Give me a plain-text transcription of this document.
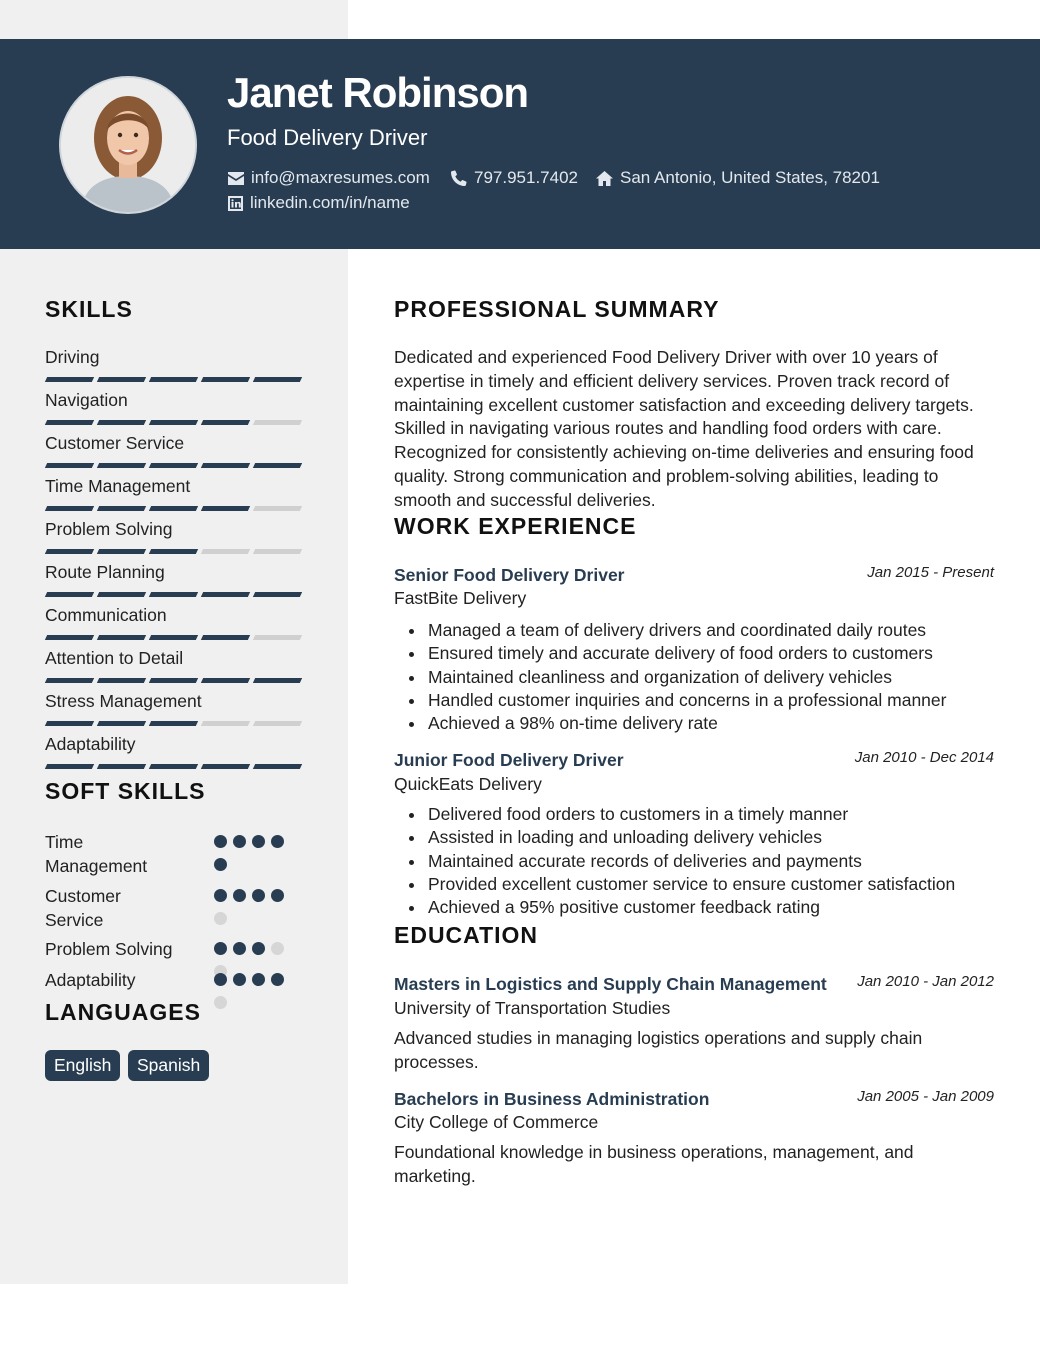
Janet Robinson
Food Delivery Driver
info@maxresumes.com	797.951.7402 San Antonio, United States, 78201
linkedin.com/in/name
SKILLS
Driving
Navigation
Customer Service
Time Management
Problem Solving
Route Planning
Communication
Attention to Detail
Stress Management
Adaptability
SOFT SKILLS
Time Management
Customer Service
Problem Solving
Adaptability
LANGUAGES
English	Spanish
PROFESSIONAL SUMMARY

Dedicated and experienced Food Delivery Driver with over 10 years of expertise in timely and efficient delivery services. Proven track record of maintaining excellent customer satisfaction and exceeding delivery targets. Skilled in navigating various routes and handling food orders with care. Recognized for consistently achieving on-time deliveries and ensuring food quality. Strong communication and problem-solving abilities, leading to smooth and successful deliveries.

WORK EXPERIENCE
Senior Food Delivery Driver	Jan 2015 - Present
FastBite Delivery
• Managed a team of delivery drivers and coordinated daily routes
• Ensured timely and accurate delivery of food orders to customers
• Maintained cleanliness and organization of delivery vehicles
• Handled customer inquiries and concerns in a professional manner
• Achieved a 98% on-time delivery rate
Junior Food Delivery Driver	Jan 2010 - Dec 2014
QuickEats Delivery
• Delivered food orders to customers in a timely manner
• Assisted in loading and unloading delivery vehicles
• Maintained accurate records of deliveries and payments
• Provided excellent customer service to ensure customer satisfaction
• Achieved a 95% positive customer feedback rating
EDUCATION
Masters in Logistics and Supply Chain Management Jan 2010 - Jan 2012
University of Transportation Studies

Advanced studies in managing logistics operations and supply chain processes.

Bachelors in Business Administration	Jan 2005 - Jan 2009
City College of Commerce

Foundational knowledge in business operations, management, and marketing.
